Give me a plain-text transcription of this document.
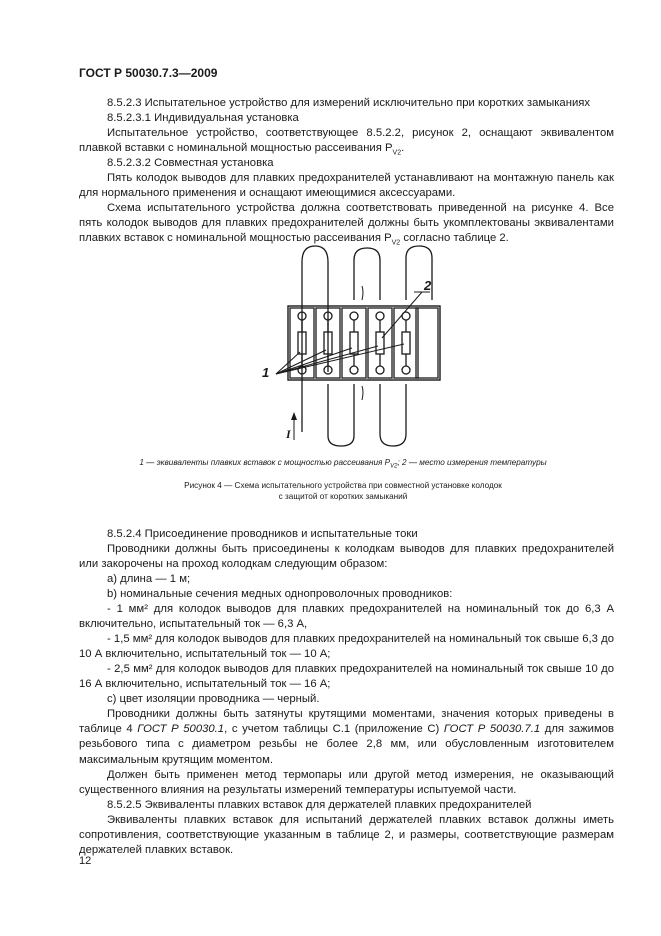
ГОСТ Р 50030.7.3—2009

8.5.2.3 Испытательное устройство для измерений исключительно при коротких замыканиях

8.5.2.3.1 Индивидуальная установка

Испытательное устройство, соответствующее 8.5.2.2, рисунок 2, оснащают эквивалентом плавкой вставки с номинальной мощностью рассеивания $P_{V2}$.

8.5.2.3.2 Совместная установка

Пять колодок выводов для плавких предохранителей устанавливают на монтажную панель как для нормального применения и оснащают имеющимися аксессуарами.

Схема испытательного устройства должна соответствовать приведенной на рисунке 4. Все пять колодок выводов для плавких предохранителей должны быть укомплектованы эквивалентами плавких вставок с номинальной мощностью рассеивания $P_{V2}$ согласно таблице 2.

1
2
I
1 — эквиваленты плавких вставок с мощностью рассеивания $P_{V2}$; 2 — место измерения температуры
Рисунок 4 — Схема испытательного устройства при совместной установке колодок
с защитой от коротких замыканий

8.5.2.4 Присоединение проводников и испытательные токи

Проводники должны быть присоединены к колодкам выводов для плавких предохранителей или закорочены на проход колодкам следующим образом:

а) длина — 1 м;

b) номинальные сечения медных однопроволочных проводников:

- 1 мм² для колодок выводов для плавких предохранителей на номинальный ток до 6,3 А включительно, испытательный ток — 6,3 А,

- 1,5 мм² для колодок выводов для плавких предохранителей на номинальный ток свыше 6,3 до 10 А включительно, испытательный ток — 10 А;

- 2,5 мм² для колодок выводов для плавких предохранителей на номинальный ток свыше 10 до 16 А включительно, испытательный ток — 16 А;

с) цвет изоляции проводника — черный.

Проводники должны быть затянуты крутящими моментами, значения которых приведены в таблице 4 ГОСТ Р 50030.1, с учетом таблицы С.1 (приложение С) ГОСТ Р 50030.7.1 для зажимов резьбового типа с диаметром резьбы не более 2,8 мм, или обусловленным изготовителем максимальным крутящим моментом.

Должен быть применен метод термопары или другой метод измерения, не оказывающий существенного влияния на результаты измерений температуры испытуемой части.

8.5.2.5 Эквиваленты плавких вставок для держателей плавких предохранителей

Эквиваленты плавких вставок для испытаний держателей плавких вставок должны иметь сопротивления, соответствующие указанным в таблице 2, и размеры, соответствующие размерам держателей плавких вставок.

12
